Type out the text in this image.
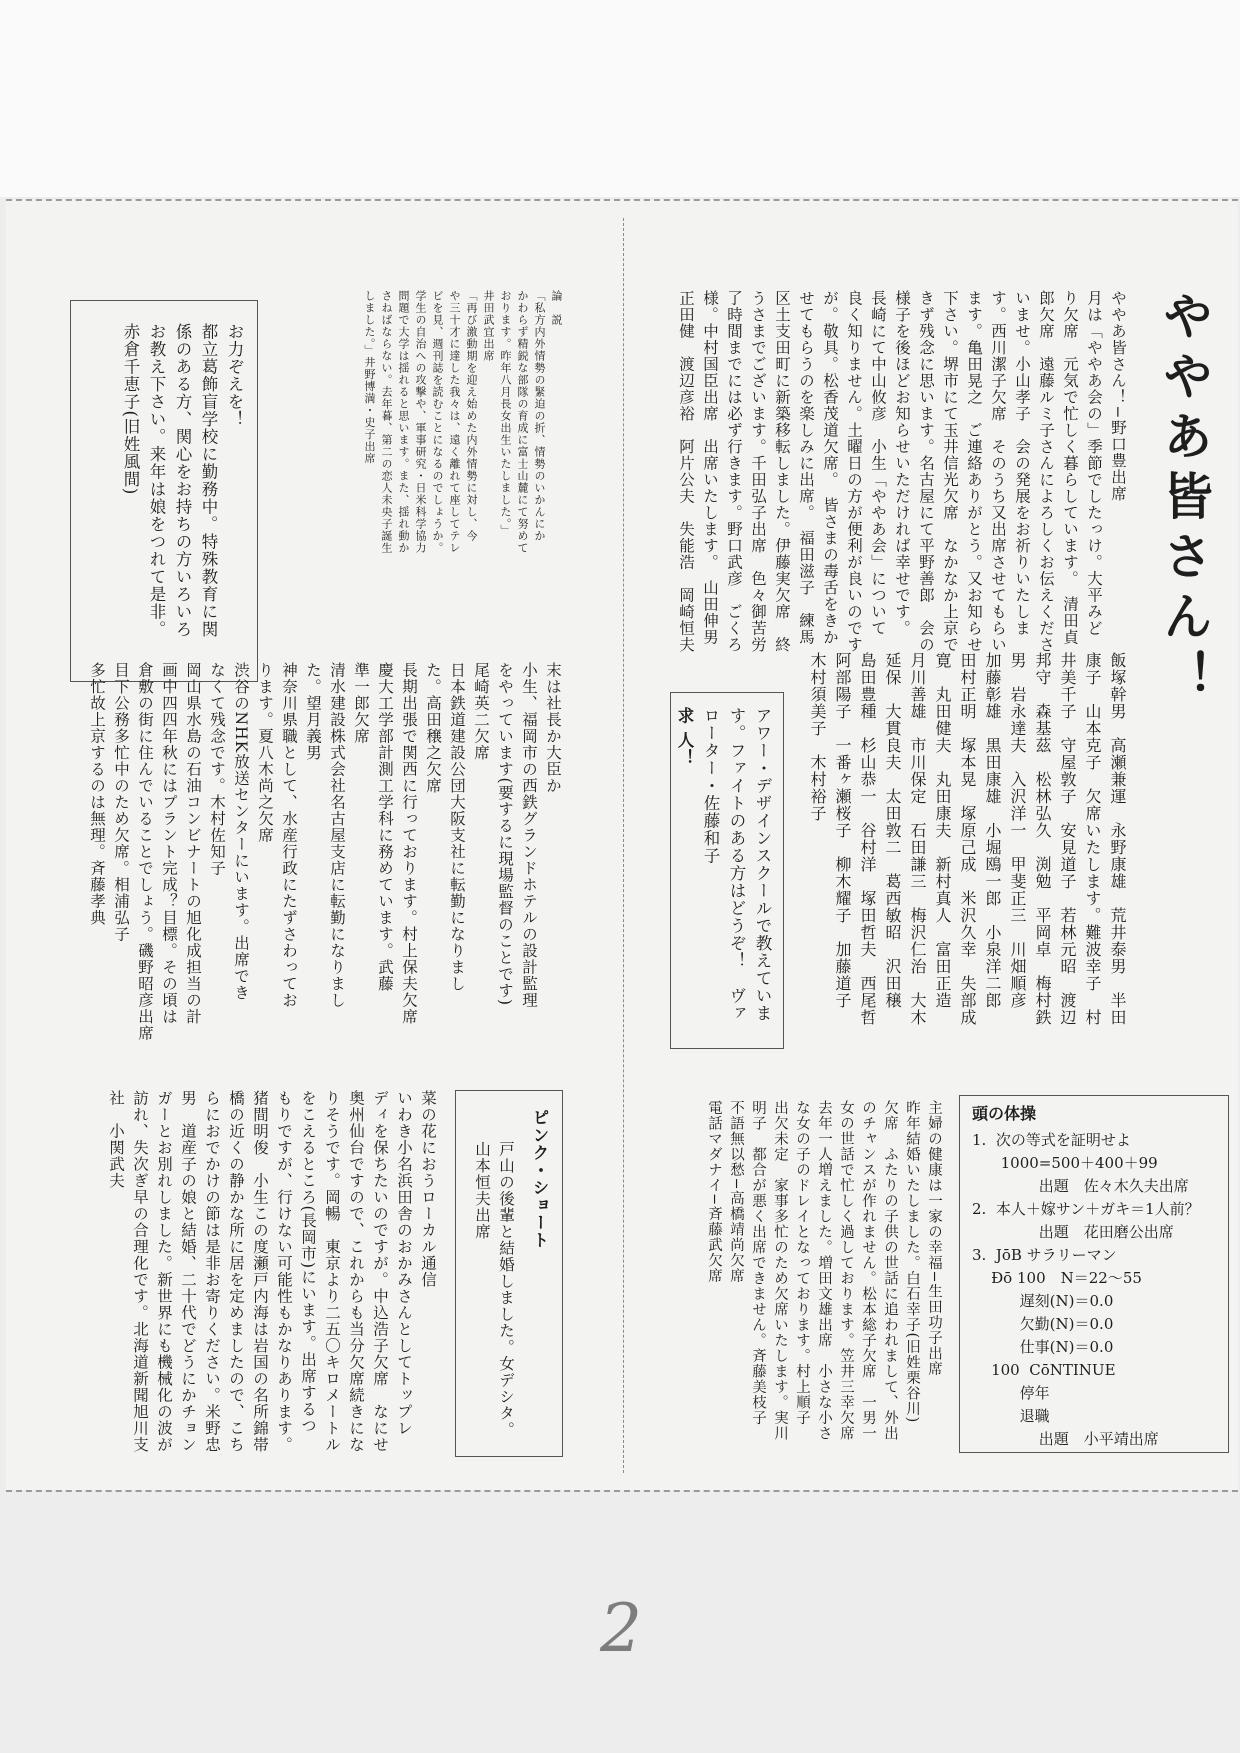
ややあ皆さん！
ややあ皆さん！−野口豊出席
月は「ややあ会の」季節でしたっけ。大平みど
り欠席　元気で忙しく暮らしています。　清田貞
郎欠席　遠藤ルミ子さんによろしくお伝えくださ
いませ。小山孝子　会の発展をお祈りいたしま
す。西川潔子欠席　そのうち又出席させてもらい
ます。亀田晃之　ご連絡ありがとう。又お知らせ
下さい。堺市にて玉井信光欠席　なかなか上京で
きず残念に思います。名古屋にて平野善郎　会の
様子を後ほどお知らせいただければ幸せです。
長崎にて中山攸彦　小生「ややあ会」について
良く知りません。土曜日の方が便利が良いのです
が。敬具。松香茂道欠席。　皆さまの毒舌をきか
せてもらうのを楽しみに出席。　福田滋子　練馬
区土支田町に新築移転しました。伊藤実欠席　終
うさまでございます。千田弘子出席　色々御苦労
了時間までには必ず行きます。野口武彦　ごくろ
様。中村国臣出席　出席いたします。　山田伸男
正田健　渡辺彦裕　阿片公夫　失能浩　岡崎恒夫
飯塚幹男　高瀬兼運　永野康雄　荒井泰男　半田
康子　山本克子　欠席いたします。難波幸子　村
井美千子　守屋敦子　安見道子　若林元昭　渡辺
邦守　森基茲　松林弘久　渕勉　平岡卓　梅村鉄
男　岩永達夫　入沢洋一　甲斐正三　川畑順彦
加藤彰雄　黒田康雄　小堀鴎一郎　小泉洋二郎
田村正明　塚本晃　塚原己成　米沢久幸　失部成
寛　丸田健夫　丸田康夫　新村真人　富田正造
月川善雄　市川保定　石田謙三　梅沢仁治　大木
延保　大貫良夫　太田敦二　葛西敏昭　沢田穣
島田豊種　杉山恭一　谷村洋　塚田哲夫　西尾哲
阿部陽子　一番ヶ瀬桜子　柳木耀子　加藤道子
木村須美子　木村裕子
アワー・デザインスクールで教えていま
す。ファイトのある方はどうぞ！　ヴァ
ローター・佐藤和子
求 人！
主婦の健康は一家の幸福−生田功子出席
昨年結婚いたしました。白石幸子(旧姓栗谷川)
欠席　ふたりの子供の世話に追われまして、外出
のチャンスが作れません。松本総子欠席　一男一
女の世話で忙しく過しております。笠井三幸欠席
去年一人増えました。増田文雄出席　小さな小さ
な女の子のドレイとなっております。村上順子
出欠未定　家事多忙のため欠席いたします。実川
明子　都合が悪く出席できません。斉藤美枝子
不語無以愁−高橋靖尚欠席
電話マダナイ−斉藤武欠席	頭の体操
1.  次の等式を証明せよ
1000=500＋400＋99
出題　佐々木久夫出席
2.  本人＋嫁サン＋ガキ＝1人前？
出題　花田磨公出席
3.  JōB サラリーマン
Đō 100　N＝22〜55
遅刻(N)＝0.0
欠勤(N)＝0.0
仕事(N)＝0.0
100  CōNTINUE
停年
退職
出題　小平靖出席
論　説
「私方内外情勢の緊迫の折、情勢のいかんにか
かわらず精鋭な部隊の育成に富士山麓にて努めて
おります。昨年八月長女出生いたしました。」
井田武宜出席
「再び激動期を迎え始めた内外情勢に対し、今
や三十才に達した我々は、遠く離れて座してテレ
ビを見、週刊誌を読むことになるのでしょうか。
学生の自治への攻撃や、軍事研究・日米科学協力
問題で大学は揺れると思います。また、揺れ動か
さねばならない。去年暮、第二の恋人未央子誕生
しました。」井野博満・史子出席
お力ぞえを！
都立葛飾盲学校に勤務中。特殊教育に関
係のある方、関心をお持ちの方いろいろ
お教え下さい。来年は娘をつれて是非。
赤倉千恵子(旧姓風間)
末は社長か大臣か
小生、福岡市の西鉄グランドホテルの設計監理
をやっています(要するに現場監督のことです)
尾崎英二欠席
日本鉄道建設公団大阪支社に転勤になりまし
た。高田穣之欠席
長期出張で関西に行っております。村上保夫欠席
慶大工学部計測工学科に務めています。武藤
準一郎欠席
清水建設株式会社名古屋支店に転勤になりまし
た。望月義男
神奈川県職として、水産行政にたずさわってお
ります。夏八木尚之欠席
渋谷のNHK放送センターにいます。出席でき
なくて残念です。木村佐知子
岡山県水島の石油コンビナートの旭化成担当の計
画中四四年秋にはプラント完成？目標。その頃は
倉敷の街に住んでいることでしょう。磯野昭彦出席
目下公務多忙中のため欠席。相浦弘子
多忙故上京するのは無理。斉藤孝典
ピンク・ショート
戸山の後輩と結婚しました。女デシタ。
山本恒夫出席
菜の花におうローカル通信
いわき小名浜田舎のおかみさんとしてトップレ
ディを保ちたいのですが。中込浩子欠席　なにせ
奥州仙台ですので、これからも当分欠席続きにな
りそうです。岡暢　東京より二五〇キロメートル
をこえるところ(長岡市)にいます。出席するつ
もりですが、行けない可能性もかなりあります。
猪間明俊　小生この度瀬戸内海は岩国の名所錦帯
橋の近くの静かな所に居を定めましたので、こち
らにおでかけの節は是非お寄りください。米野忠
男　道産子の娘と結婚、二十代でどうにかチョン
ガーとお別れしました。新世界にも機械化の波が
訪れ、失次ぎ早の合理化です。北海道新聞旭川支
社　小関武夫
2
